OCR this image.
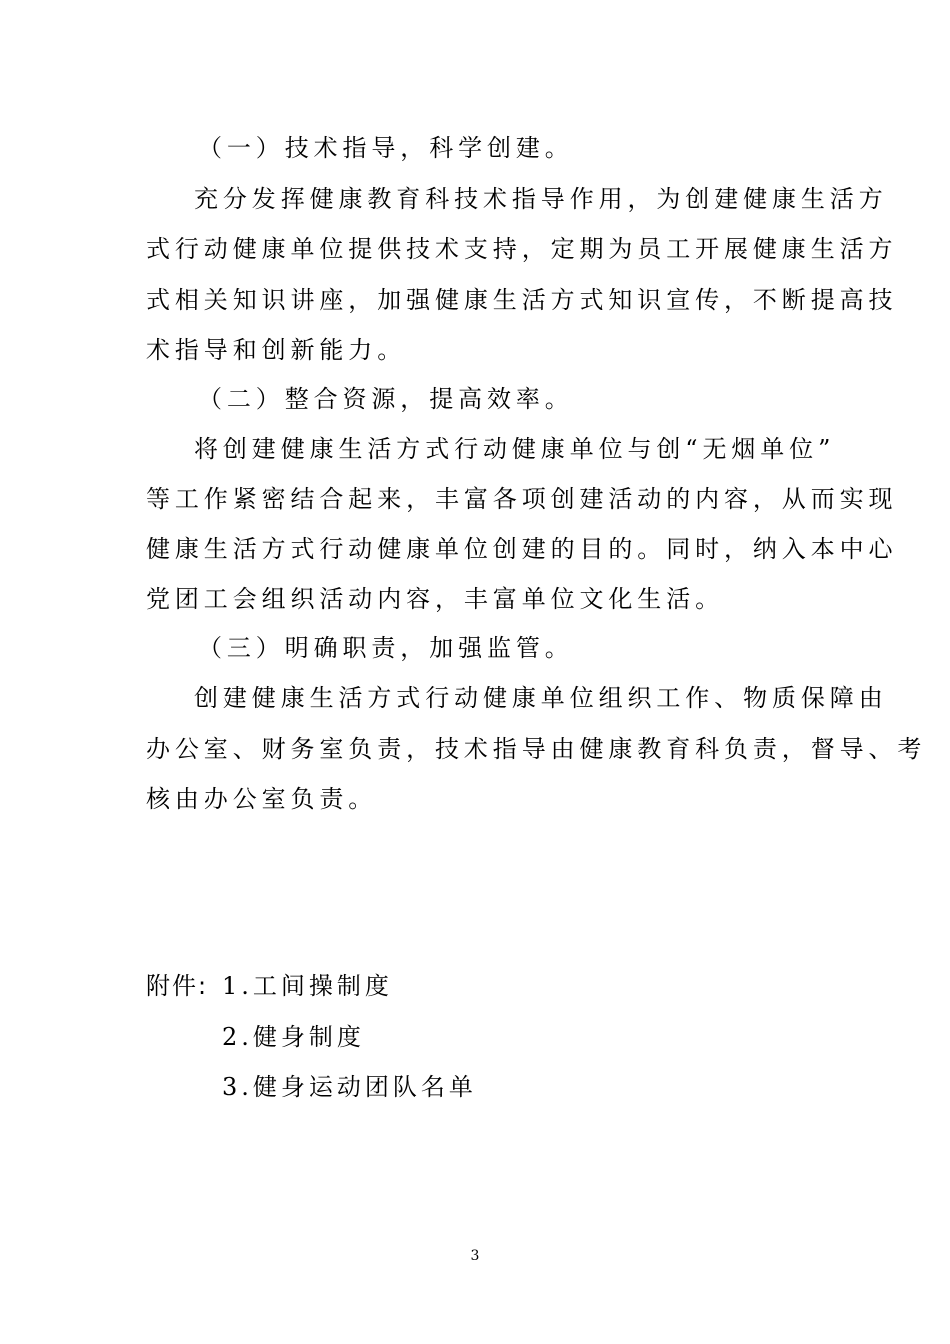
（一）技术指导，科学创建。
充分发挥健康教育科技术指导作用，为创建健康生活方
式行动健康单位提供技术支持，定期为员工开展健康生活方
式相关知识讲座，加强健康生活方式知识宣传，不断提高技
术指导和创新能力。
（二）整合资源，提高效率。
将创建健康生活方式行动健康单位与创“无烟单位”
等工作紧密结合起来，丰富各项创建活动的内容，从而实现
健康生活方式行动健康单位创建的目的。同时，纳入本中心
党团工会组织活动内容，丰富单位文化生活。
（三）明确职责，加强监管。
创建健康生活方式行动健康单位组织工作、物质保障由
办公室、财务室负责，技术指导由健康教育科负责，督导、考
核由办公室负责。
附件: 1.工间操制度
2.健身制度
3.健身运动团队名单
3
